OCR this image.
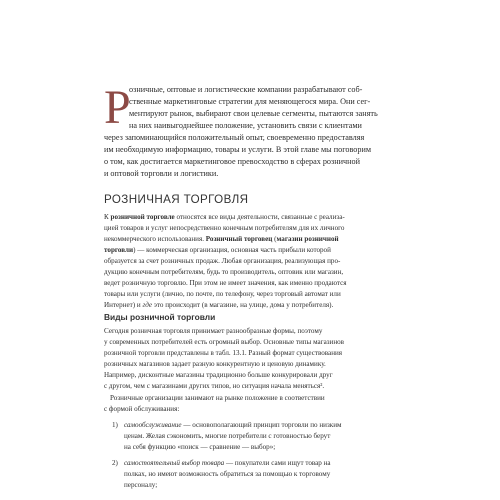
Р
озничные, оптовые и логистические компании разрабатывают соб-
ственные маркетинговые стратегии для меняющегося мира. Они сег-
ментируют рынок, выбирают свои целевые сегменты, пытаются занять
на них наивыгоднейшее положение, установить связи с клиентами
через запоминающийся положительный опыт, своевременно предоставляя
им необходимую информацию, товары и услуги. В этой главе мы поговорим
о том, как достигается маркетинговое превосходство в сферах розничной
и оптовой торговли и логистики.
РОЗНИЧНАЯ ТОРГОВЛЯ
К розничной торговле относятся все виды деятельности, связанные с реализа-
цией товаров и услуг непосредственно конечным потребителям для их личного
некоммерческого использования. Розничный торговец (магазин розничной
торговли) — коммерческая организация, основная часть прибыли которой
образуется за счет розничных продаж. Любая организация, реализующая про-
дукцию конечным потребителям, будь то производитель, оптовик или магазин,
ведет розничную торговлю. При этом не имеет значения, как именно продаются
товары или услуги (лично, по почте, по телефону, через торговый автомат или
Интернет) и где это происходит (в магазине, на улице, дома у потребителя).
Виды розничной торговли
Сегодня розничная торговля принимает разнообразные формы, поэтому
у современных потребителей есть огромный выбор. Основные типы магазинов
розничной торговли представлены в табл. 13.1. Разный формат существования
розничных магазинов задает разную конкурентную и ценовую динамику.
Например, дисконтные магазины традиционно больше конкурировали друг
с другом, чем с магазинами других типов, но ситуация начала меняться².
Розничные организации занимают на рынке положение в соответствии
с формой обслуживания:
1) самообслуживание — основополагающий принцип торговли по низким
ценам. Желая сэкономить, многие потребители с готовностью берут
на себя функцию «поиск — сравнение — выбор»;
2) самостоятельный выбор товара — покупатели сами ищут товар на
полках, но имеют возможность обратиться за помощью к торговому
персоналу;
